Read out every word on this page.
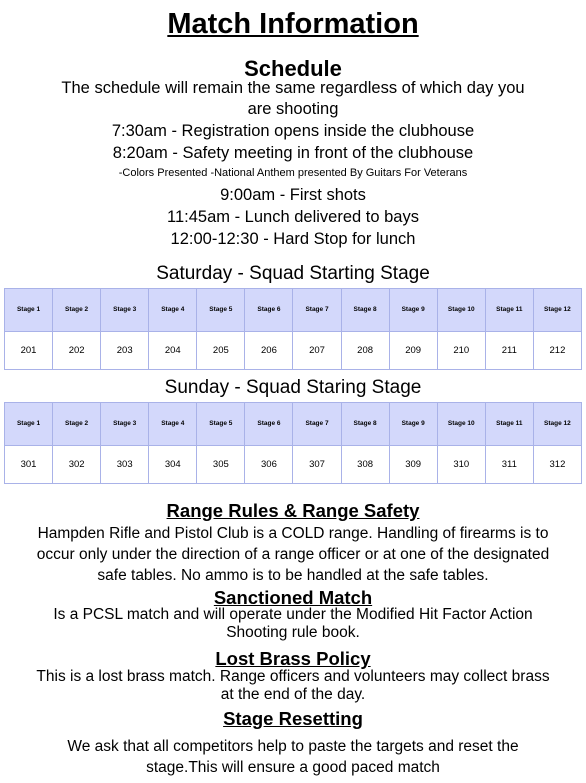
Match Information
Schedule
The schedule will remain the same regardless of which day you
are shooting
7:30am - Registration opens inside the clubhouse
8:20am - Safety meeting in front of the clubhouse
-Colors Presented -National Anthem presented By Guitars For Veterans
9:00am - First shots
11:45am - Lunch delivered to bays
12:00-12:30 - Hard Stop for lunch
Saturday - Squad Starting Stage
Stage 1	Stage 2	Stage 3	Stage 4	Stage 5	Stage 6	Stage 7	Stage 8	Stage 9	Stage 10	Stage 11	Stage 12
201	202	203	204	205	206	207	208	209	210	211	212
Sunday - Squad Staring Stage
Stage 1	Stage 2	Stage 3	Stage 4	Stage 5	Stage 6	Stage 7	Stage 8	Stage 9	Stage 10	Stage 11	Stage 12
301	302	303	304	305	306	307	308	309	310	311	312
Range Rules & Range Safety
Hampden Rifle and Pistol Club is a COLD range. Handling of firearms is to
occur only under the direction of a range officer or at one of the designated
safe tables. No ammo is to be handled at the safe tables.
Sanctioned Match
Is a PCSL match and will operate under the Modified Hit Factor Action
Shooting rule book.
Lost Brass Policy
This is a lost brass match. Range officers and volunteers may collect brass
at the end of the day.
Stage Resetting
We ask that all competitors help to paste the targets and reset the
stage.This will ensure a good paced match
